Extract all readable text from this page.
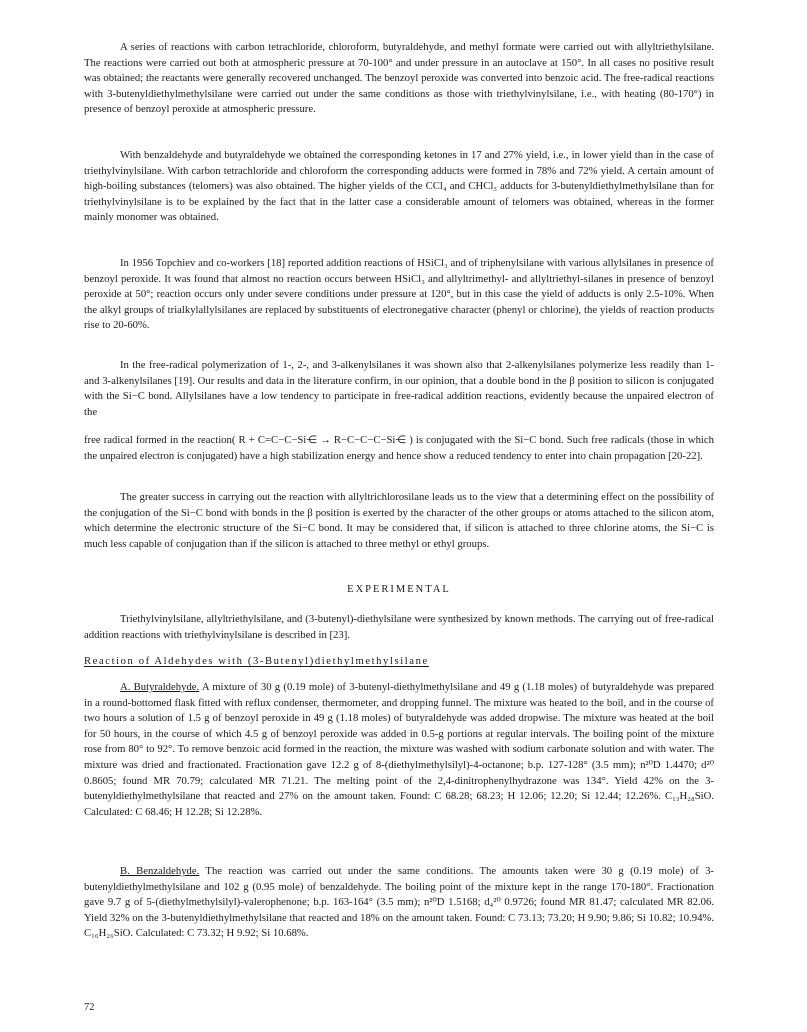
A series of reactions with carbon tetrachloride, chloroform, butyraldehyde, and methyl formate were carried out with allyltriethylsilane. The reactions were carried out both at atmospheric pressure at 70-100° and under pressure in an autoclave at 150°. In all cases no positive result was obtained; the reactants were generally recovered unchanged. The benzoyl peroxide was converted into benzoic acid. The free-radical reactions with 3-butenyldiethylmethylsilane were carried out under the same conditions as those with triethylvinylsilane, i.e., with heating (80-170°) in presence of benzoyl peroxide at atmospheric pressure.

With benzaldehyde and butyraldehyde we obtained the corresponding ketones in 17 and 27% yield, i.e., in lower yield than in the case of triethylvinylsilane. With carbon tetrachloride and chloroform the corresponding adducts were formed in 78% and 72% yield. A certain amount of high-boiling substances (telomers) was also obtained. The higher yields of the CCl₄ and CHCl₃ adducts for 3-butenyldiethylmethylsilane than for triethylvinylsilane is to be explained by the fact that in the latter case a considerable amount of telomers was obtained, whereas in the former mainly monomer was obtained.

In 1956 Topchiev and co-workers [18] reported addition reactions of HSiCl₃ and of triphenylsilane with various allylsilanes in presence of benzoyl peroxide. It was found that almost no reaction occurs between HSiCl₃ and allyltrimethyl- and allyltriethyl-silanes in presence of benzoyl peroxide at 50°; reaction occurs only under severe conditions under pressure at 120°, but in this case the yield of adducts is only 2.5-10%. When the alkyl groups of trialkylallylsilanes are replaced by substituents of electronegative character (phenyl or chlorine), the yields of reaction products rise to 20-60%.

In the free-radical polymerization of 1-, 2-, and 3-alkenylsilanes it was shown also that 2-alkenylsilanes polymerize less readily than 1- and 3-alkenylsilanes [19]. Our results and data in the literature confirm, in our opinion, that a double bond in the β position to silicon is conjugated with the Si−C bond. Allylsilanes have a low tendency to participate in free-radical addition reactions, evidently because the unpaired electron of the

free radical formed in the reaction( R + C=C−C−Si⋲ → R−C−C−C−Si⋲ ) is conjugated with the Si−C bond. Such free radicals (those in which the unpaired electron is conjugated) have a high stabilization energy and hence show a reduced tendency to enter into chain propagation [20-22].

The greater success in carrying out the reaction with allyltrichlorosilane leads us to the view that a determining effect on the possibility of the conjugation of the Si−C bond with bonds in the β position is exerted by the character of the other groups or atoms attached to the silicon atom, which determine the electronic structure of the Si−C bond. It may be considered that, if silicon is attached to three chlorine atoms, the Si−C is much less capable of conjugation than if the silicon is attached to three methyl or ethyl groups.

EXPERIMENTAL

Triethylvinylsilane, allyltriethylsilane, and (3-butenyl)-diethylsilane were synthesized by known methods. The carrying out of free-radical addition reactions with triethylvinylsilane is described in [23].

Reaction of Aldehydes with (3-Butenyl)diethylmethylsilane

A. Butyraldehyde. A mixture of 30 g (0.19 mole) of 3-butenyl-diethylmethylsilane and 49 g (1.18 moles) of butyraldehyde was prepared in a round-bottomed flask fitted with reflux condenser, thermometer, and dropping funnel. The mixture was heated to the boil, and in the course of two hours a solution of 1.5 g of benzoyl peroxide in 49 g (1.18 moles) of butyraldehyde was added dropwise. The mixture was heated at the boil for 50 hours, in the course of which 4.5 g of benzoyl peroxide was added in 0.5-g portions at regular intervals. The boiling point of the mixture rose from 80° to 92°. To remove benzoic acid formed in the reaction, the mixture was washed with sodium carbonate solution and with water. The mixture was dried and fractionated. Fractionation gave 12.2 g of 8-(diethylmethylsilyl)-4-octanone; b.p. 127-128° (3.5 mm); n²⁰D 1.4470; d²⁰ 0.8605; found MR 70.79; calculated MR 71.21. The melting point of the 2,4-dinitrophenylhydrazone was 134°. Yield 42% on the 3-butenyldiethylmethylsilane that reacted and 27% on the amount taken. Found: C 68.28; 68.23; H 12.06; 12.20; Si 12.44; 12.26%. C₁₃H₂₈SiO. Calculated: C 68.46; H 12.28; Si 12.28%.

B. Benzaldehyde. The reaction was carried out under the same conditions. The amounts taken were 30 g (0.19 mole) of 3-butenyldiethylmethylsilane and 102 g (0.95 mole) of benzaldehyde. The boiling point of the mixture kept in the range 170-180°. Fractionation gave 9.7 g of 5-(diethylmethylsilyl)-valerophenone; b.p. 163-164° (3.5 mm); n²⁰D 1.5168; d₄²⁰ 0.9726; found MR 81.47; calculated MR 82.06. Yield 32% on the 3-butenyldiethylmethylsilane that reacted and 18% on the amount taken. Found: C 73.13; 73.20; H 9.90; 9.86; Si 10.82; 10.94%. C₁₆H₂₆SiO. Calculated: C 73.32; H 9.92; Si 10.68%.

72
